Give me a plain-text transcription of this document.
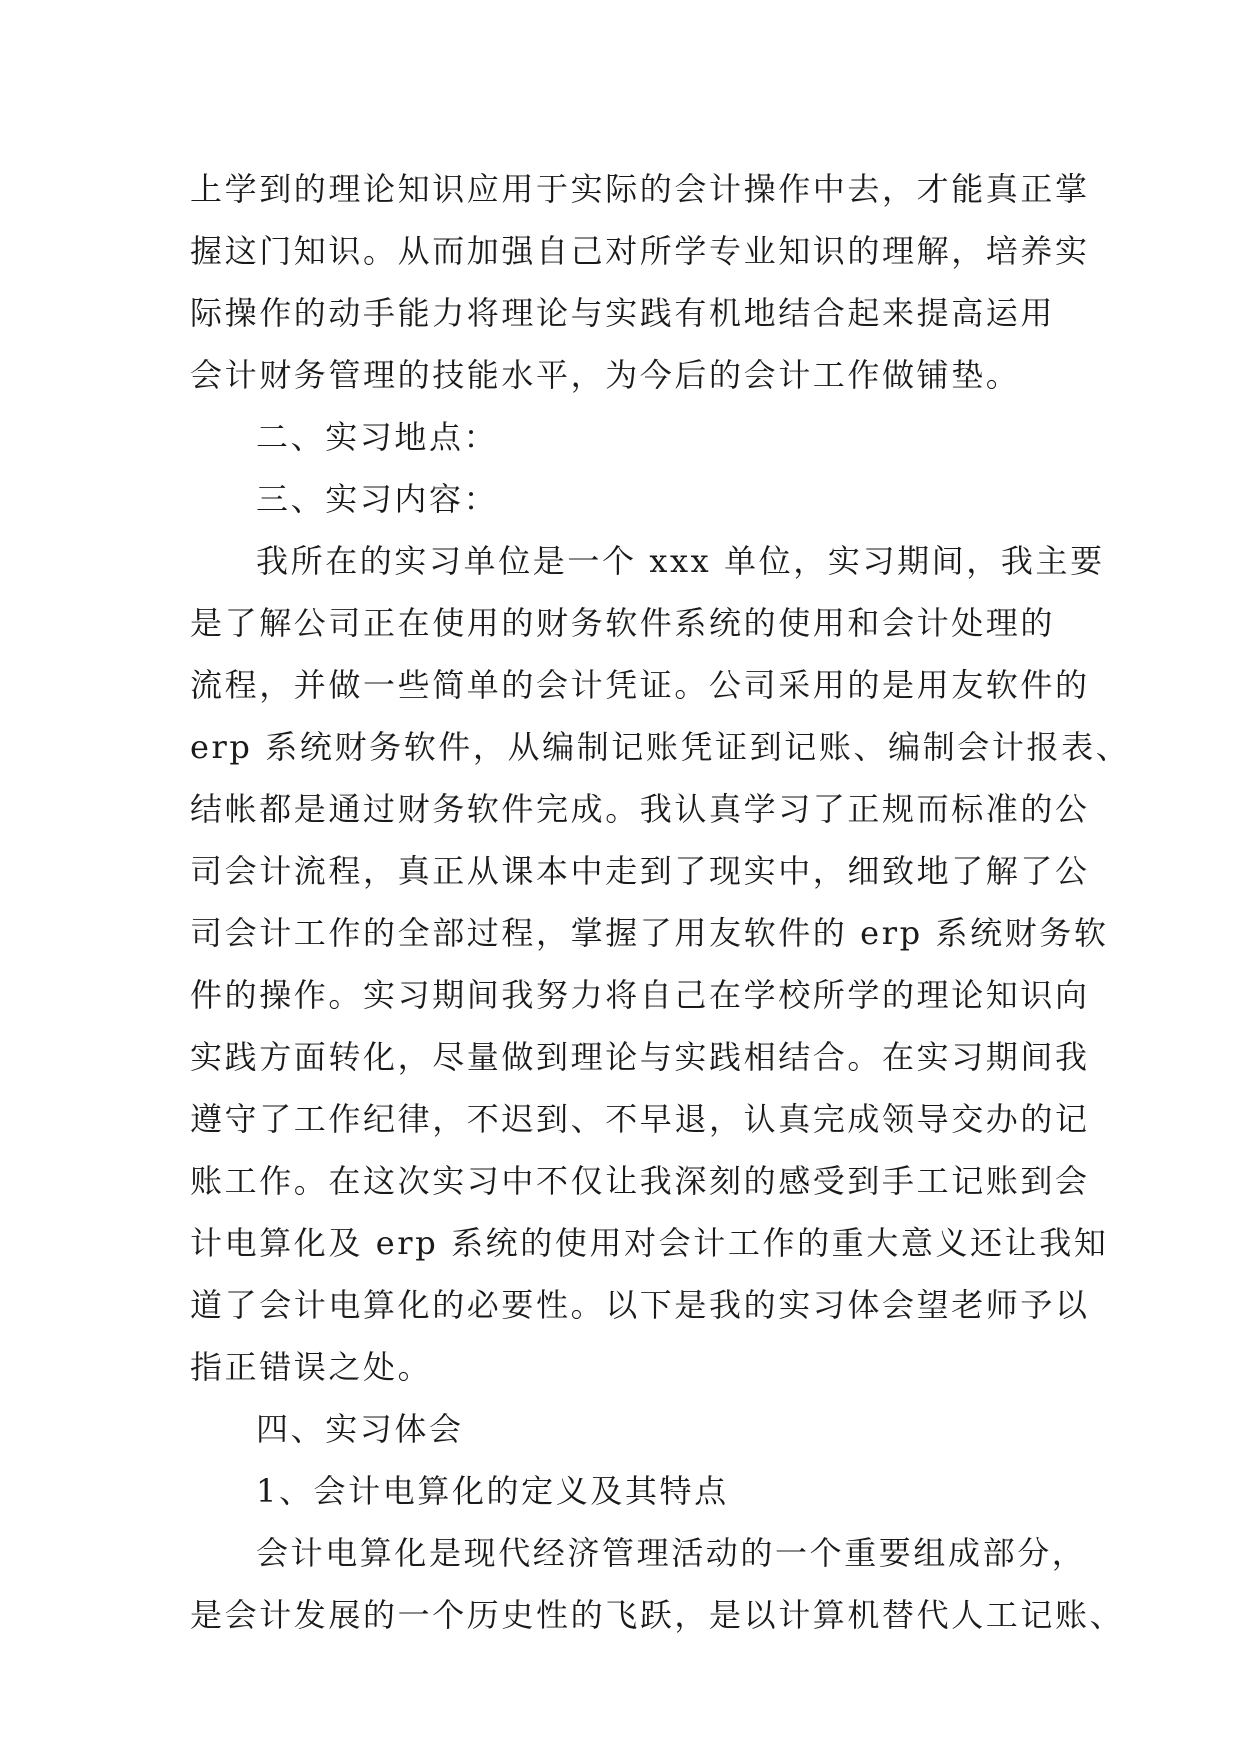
上学到的理论知识应用于实际的会计操作中去，才能真正掌
握这门知识。从而加强自己对所学专业知识的理解，培养实
际操作的动手能力将理论与实践有机地结合起来提高运用
会计财务管理的技能水平，为今后的会计工作做铺垫。
二、实习地点：
三、实习内容：
我所在的实习单位是一个 xxx 单位，实习期间，我主要
是了解公司正在使用的财务软件系统的使用和会计处理的
流程，并做一些简单的会计凭证。公司采用的是用友软件的
erp 系统财务软件，从编制记账凭证到记账、编制会计报表、
结帐都是通过财务软件完成。我认真学习了正规而标准的公
司会计流程，真正从课本中走到了现实中，细致地了解了公
司会计工作的全部过程，掌握了用友软件的 erp 系统财务软
件的操作。实习期间我努力将自己在学校所学的理论知识向
实践方面转化，尽量做到理论与实践相结合。在实习期间我
遵守了工作纪律，不迟到、不早退，认真完成领导交办的记
账工作。在这次实习中不仅让我深刻的感受到手工记账到会
计电算化及 erp 系统的使用对会计工作的重大意义还让我知
道了会计电算化的必要性。以下是我的实习体会望老师予以
指正错误之处。
四、实习体会
1、会计电算化的定义及其特点
会计电算化是现代经济管理活动的一个重要组成部分，
是会计发展的一个历史性的飞跃，是以计算机替代人工记账、
